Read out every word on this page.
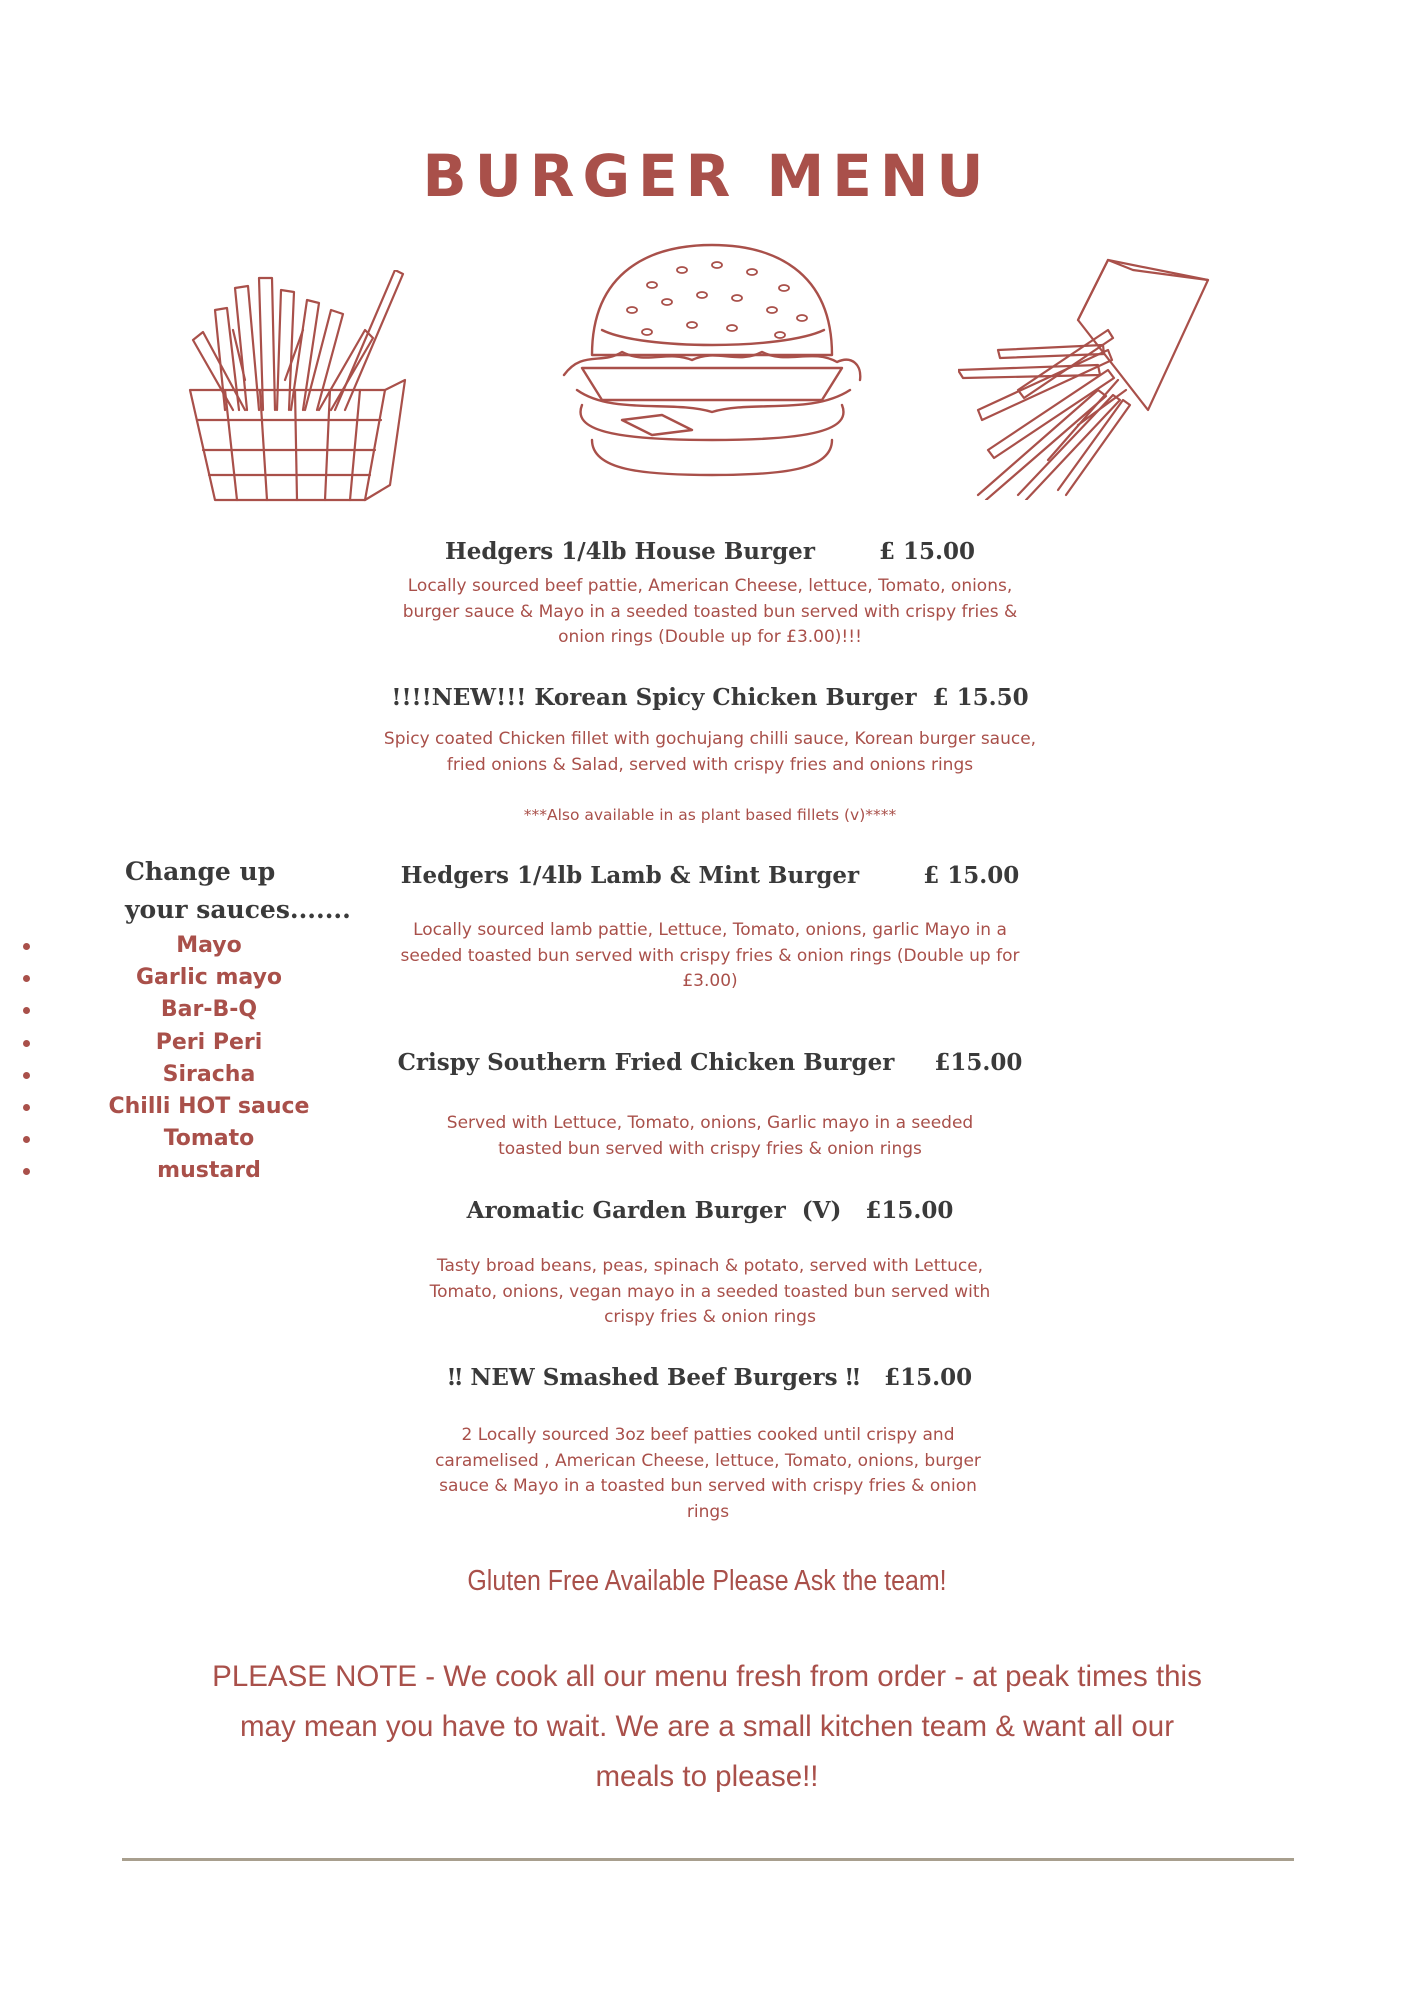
BURGER MENU
Hedgers 1/4lb House Burger        £ 15.00
Locally sourced beef pattie, American Cheese, lettuce, Tomato, onions, burger sauce & Mayo in a seeded toasted bun served with crispy fries & onion rings (Double up for £3.00)!!!
!!!!NEW!!! Korean Spicy Chicken Burger  £ 15.50
Spicy coated Chicken fillet with gochujang chilli sauce, Korean burger sauce, fried onions & Salad, served with crispy fries and onions rings
***Also available in as plant based fillets (v)****
Hedgers 1/4lb Lamb & Mint Burger        £ 15.00
Locally sourced lamb pattie, Lettuce, Tomato, onions, garlic Mayo in a seeded toasted bun served with crispy fries & onion rings (Double up for £3.00)
Crispy Southern Fried Chicken Burger     £15.00
Served with Lettuce, Tomato, onions, Garlic mayo in a seeded toasted bun served with crispy fries & onion rings
Aromatic Garden Burger  (V)   £15.00
Tasty broad beans, peas, spinach & potato, served with Lettuce, Tomato, onions, vegan mayo in a seeded toasted bun served with crispy fries & onion rings
‼ NEW Smashed Beef Burgers ‼   £15.00
2 Locally sourced 3oz beef patties cooked until crispy and caramelised , American Cheese, lettuce, Tomato, onions, burger sauce & Mayo in a toasted bun served with crispy fries & onion rings
Change up
your sauces.......
Mayo
Garlic mayo
Bar-B-Q
Peri Peri
Siracha
Chilli HOT sauce
Tomato
mustard
Gluten Free Available Please Ask the team!
PLEASE NOTE - We cook all our menu fresh from order - at peak times this may mean you have to wait. We are a small kitchen team & want all our meals to please!!
